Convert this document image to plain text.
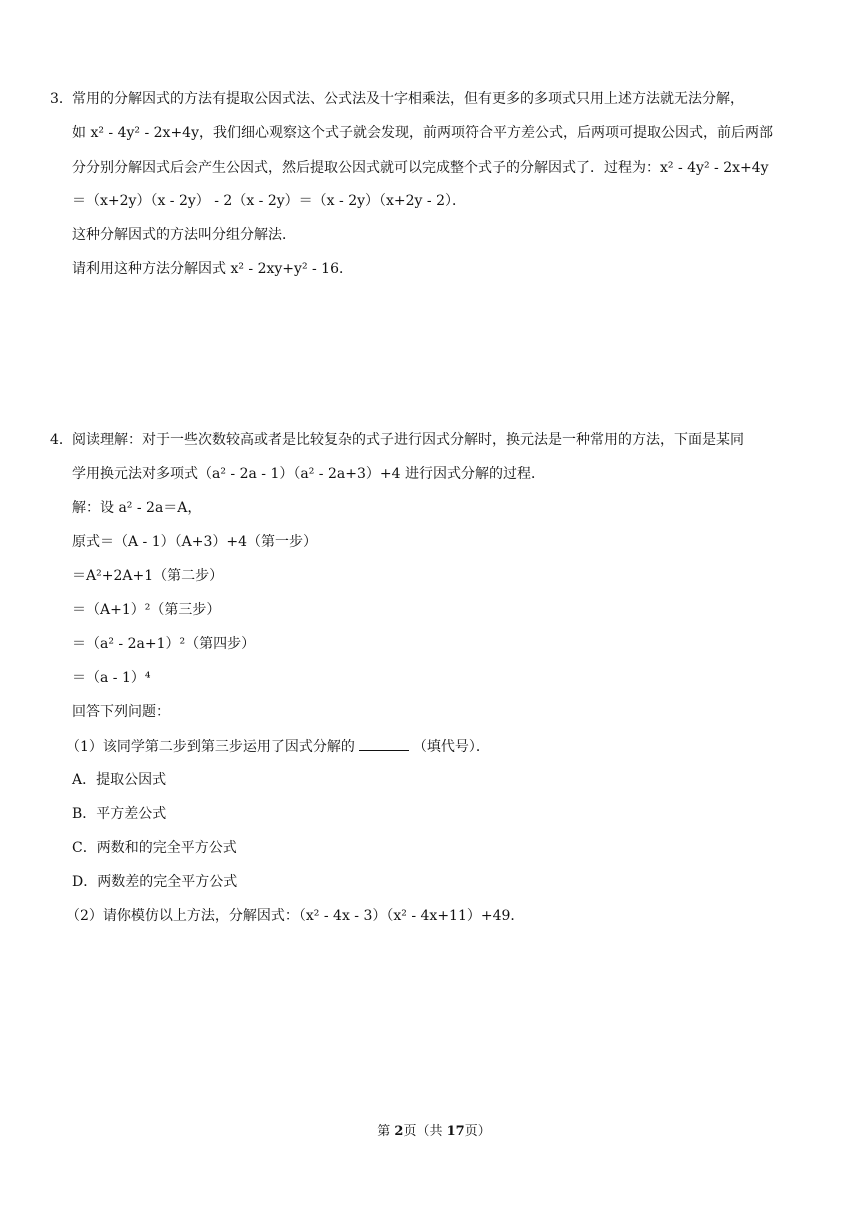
3． 常用的分解因式的方法有提取公因式法、公式法及十字相乘法，但有更多的多项式只用上述方法就无法分解，
如 x² - 4y² - 2x+4y，我们细心观察这个式子就会发现，前两项符合平方差公式，后两项可提取公因式，前后两部
分分别分解因式后会产生公因式，然后提取公因式就可以完成整个式子的分解因式了．过程为：x² - 4y² - 2x+4y
＝（x+2y）（x - 2y） - 2（x - 2y）＝（x - 2y）（x+2y - 2）．
这种分解因式的方法叫分组分解法．
请利用这种方法分解因式 x² - 2xy+y² - 16．
4． 阅读理解：对于一些次数较高或者是比较复杂的式子进行因式分解时，换元法是一种常用的方法，下面是某同
学用换元法对多项式（a² - 2a - 1）（a² - 2a+3）+4 进行因式分解的过程．
解：设 a² - 2a＝A，
原式＝（A - 1）（A+3）+4（第一步）
＝A²+2A+1（第二步）
＝（A+1）²（第三步）
＝（a² - 2a+1）²（第四步）
＝（a - 1）⁴
回答下列问题：
（1）该同学第二步到第三步运用了因式分解的	（填代号）．
A．提取公因式
B．平方差公式
C．两数和的完全平方公式
D．两数差的完全平方公式
（2）请你模仿以上方法，分解因式：（x² - 4x - 3）（x² - 4x+11）+49．
第 2页（共 17页）
